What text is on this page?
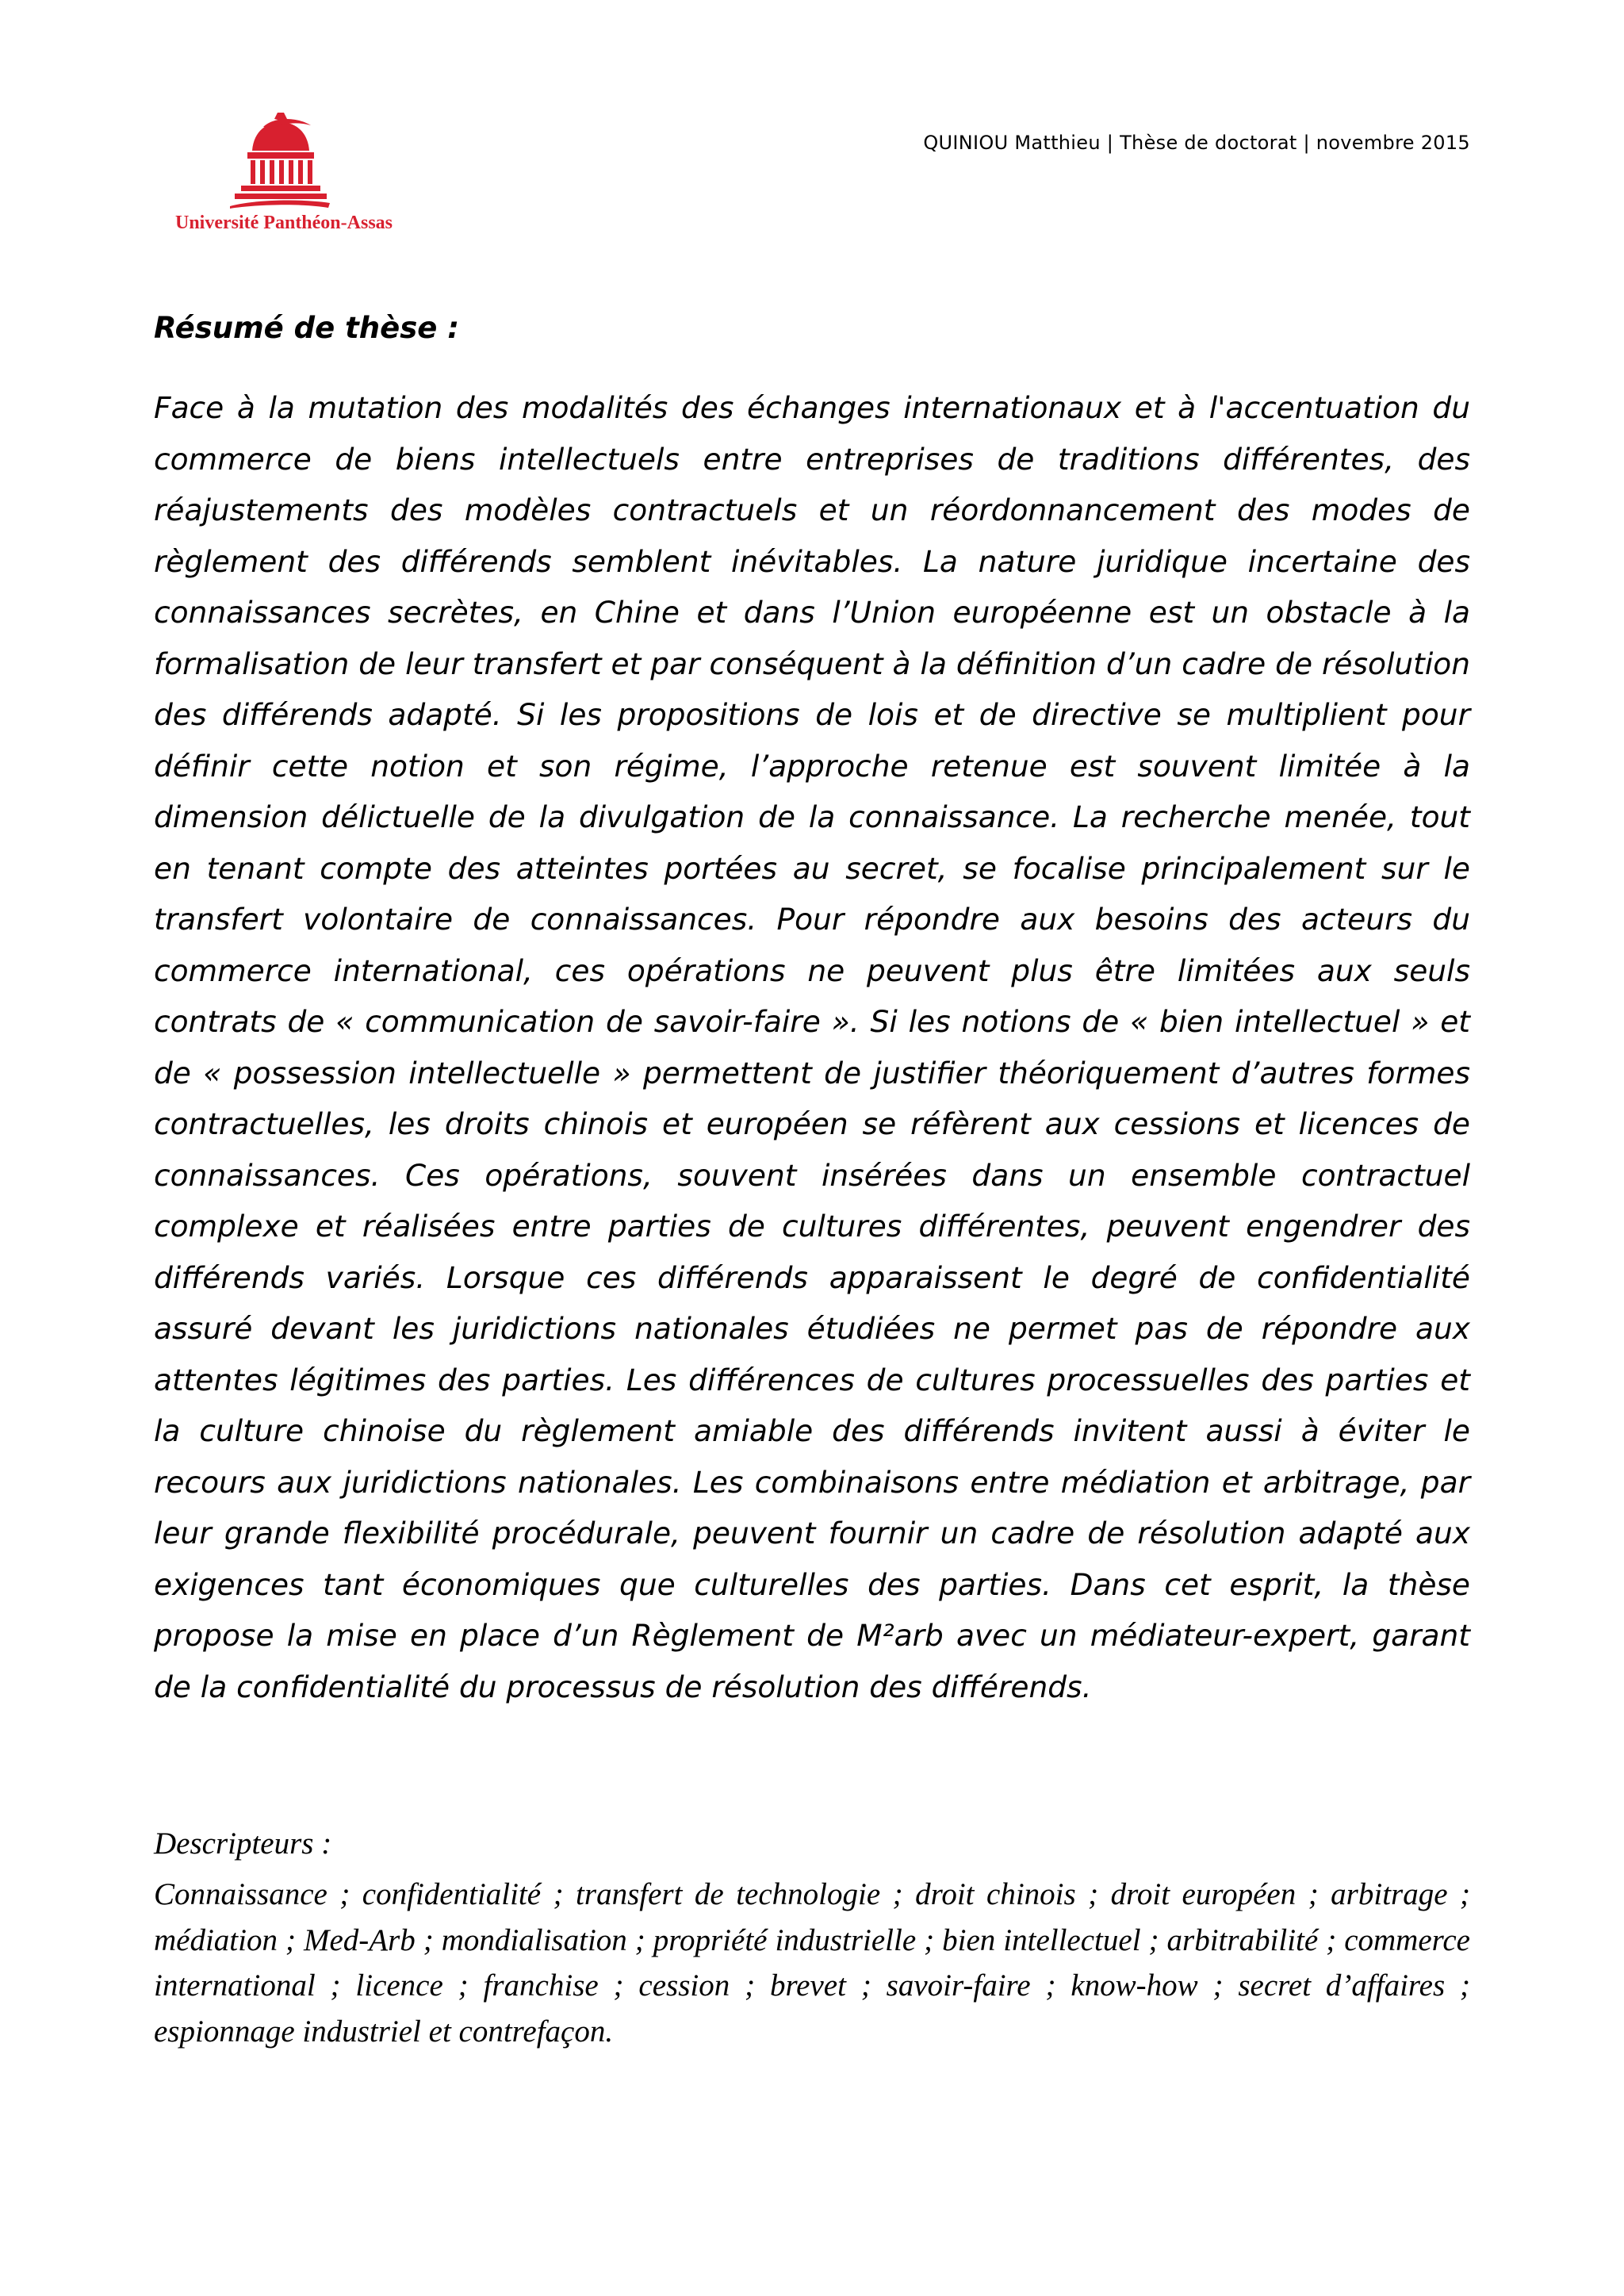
Université Panthéon-Assas
QUINIOU Matthieu | Thèse de doctorat | novembre 2015
Résumé de thèse :

Face à la mutation des modalités des échanges internationaux et à l'accentuation du commerce de biens intellectuels entre entreprises de traditions différentes, des réajustements des modèles contractuels et un réordonnancement des modes de règlement des différends semblent inévitables. La nature juridique incertaine des connaissances secrètes, en Chine et dans l’Union européenne est un obstacle à la formalisation de leur transfert et par conséquent à la définition d’un cadre de résolution des différends adapté. Si les propositions de lois et de directive se multiplient pour définir cette notion et son régime, l’approche retenue est souvent limitée à la dimension délictuelle de la divulgation de la connaissance. La recherche menée, tout en tenant compte des atteintes portées au secret, se focalise principalement sur le transfert volontaire de connaissances. Pour répondre aux besoins des acteurs du commerce international, ces opérations ne peuvent plus être limitées aux seuls contrats de « communication de savoir-faire ». Si les notions de « bien intellectuel » et de « possession intellectuelle » permettent de justifier théoriquement d’autres formes contractuelles, les droits chinois et européen se réfèrent aux cessions et licences de connaissances. Ces opérations, souvent insérées dans un ensemble contractuel complexe et réalisées entre parties de cultures différentes, peuvent engendrer des différends variés. Lorsque ces différends apparaissent le degré de confidentialité assuré devant les juridictions nationales étudiées ne permet pas de répondre aux attentes légitimes des parties. Les différences de cultures processuelles des parties et la culture chinoise du règlement amiable des différends invitent aussi à éviter le recours aux juridictions nationales. Les combinaisons entre médiation et arbitrage, par leur grande flexibilité procédurale, peuvent fournir un cadre de résolution adapté aux exigences tant économiques que culturelles des parties. Dans cet esprit, la thèse propose la mise en place d’un Règlement de M²arb avec un médiateur-expert, garant de la confidentialité du processus de résolution des différends.

Descripteurs :

Connaissance ; confidentialité ; transfert de technologie ; droit chinois ; droit européen ; arbitrage ; médiation ; Med-Arb ; mondialisation ; propriété industrielle ; bien intellectuel ; arbitrabilité ; commerce international ; licence ; franchise ; cession ; brevet ; savoir-faire ; know-how ; secret d’affaires ; espionnage industriel et contrefaçon.
